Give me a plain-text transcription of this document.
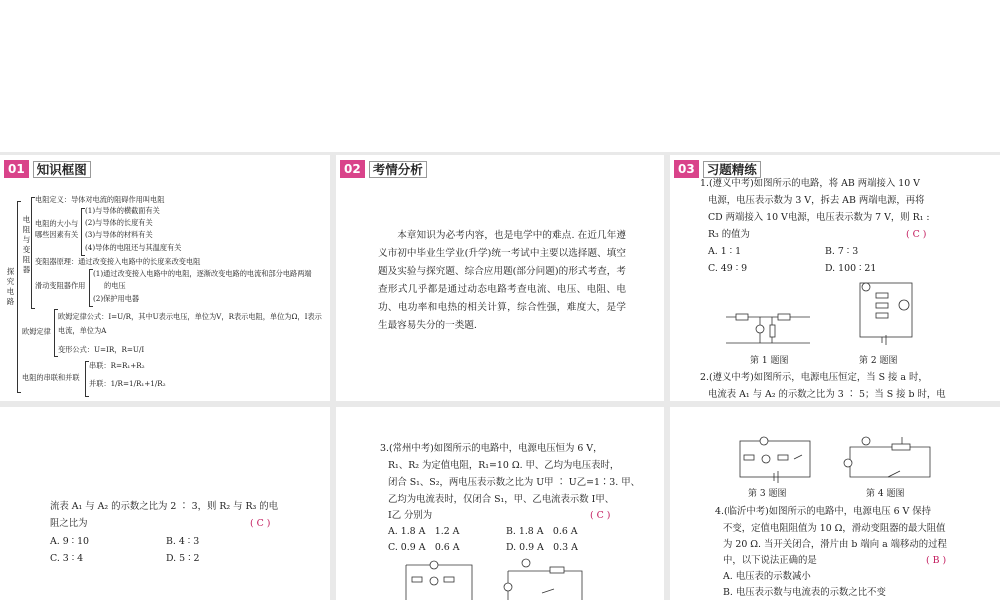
01 知识框图
探
究
电
路
电
阻
与
变
阻
器
电阻定义：导体对电流的阻碍作用叫电阻
电阻的大小与
哪些因素有关
(1)与导体的横截面有关
(2)与导体的长度有关
(3)与导体的材料有关
(4)导体的电阻还与其温度有关
变阻器原理：通过改变接入电路中的长度来改变电阻
滑动变阻器作用
(1)通过改变接入电路中的电阻，逐渐改变电路的电流和部分电路两端
的电压
(2)保护用电器
欧姆定律
欧姆定律公式：I=U/R，其中U表示电压，单位为V，R表示电阻，单位为Ω，I表示
电流，单位为A
变形公式：U=IR，R=U/I
电阻的串联和并联
串联：R=R₁+R₂
并联：1/R=1/R₁+1/R₂
02 考情分析
本章知识为必考内容，也是电学中的难点. 在近几年遵义市初中毕业生学业(升学)统一考试中主要以选择题、填空题及实验与探究题、综合应用题(部分问题)的形式考查，考查形式几乎都是通过动态电路考查电流、电压、电阻、电功、电功率和电热的相关计算，综合性强，难度大，是学生最容易失分的一类题.
03 习题精练
1.(遵义中考)如图所示的电路，将 AB 两端接入 10 V
电源，电压表示数为 3 V，拆去 AB 两端电源，再将
CD 两端接入 10 V电源，电压表示数为 7 V，则 R₁ :
R₃ 的值为	( C )
A. 1 ∶ 1	B. 7 ∶ 3
C. 49 ∶ 9	D. 100 ∶ 21
第 1 题图	第 2 题图
2.(遵义中考)如图所示，电源电压恒定，当 S 接 a 时，
电流表 A₁ 与 A₂ 的示数之比为 3 ∶ 5；当 S 接 b 时，电
流表 A₁ 与 A₂ 的示数之比为 2 ∶ 3，则 R₂ 与 R₃ 的电
阻之比为	( C )
A. 9 ∶ 10	B. 4 ∶ 3
C. 3 ∶ 4	D. 5 ∶ 2
3.(常州中考)如图所示的电路中，电源电压恒为 6 V，
R₁、R₂ 为定值电阻，R₁=10 Ω. 甲、乙均为电压表时，
闭合 S₁、S₂，两电压表示数之比为 U甲 ∶ U乙=1∶3. 甲、
乙均为电流表时，仅闭合 S₁，甲、乙电流表示数 I甲、
I乙 分别为	( C )
A. 1.8 A　1.2 A	B. 1.8 A　0.6 A
C. 0.9 A　0.6 A	D. 0.9 A　0.3 A
第 3 题图	第 4 题图
4.(临沂中考)如图所示的电路中，电源电压 6 V 保持
不变，定值电阻阻值为 10 Ω，滑动变阻器的最大阻值
为 20 Ω. 当开关闭合，滑片由 b 端向 a 端移动的过程
中，以下说法正确的是	( B )
A. 电压表的示数减小
B. 电压表示数与电流表的示数之比不变
